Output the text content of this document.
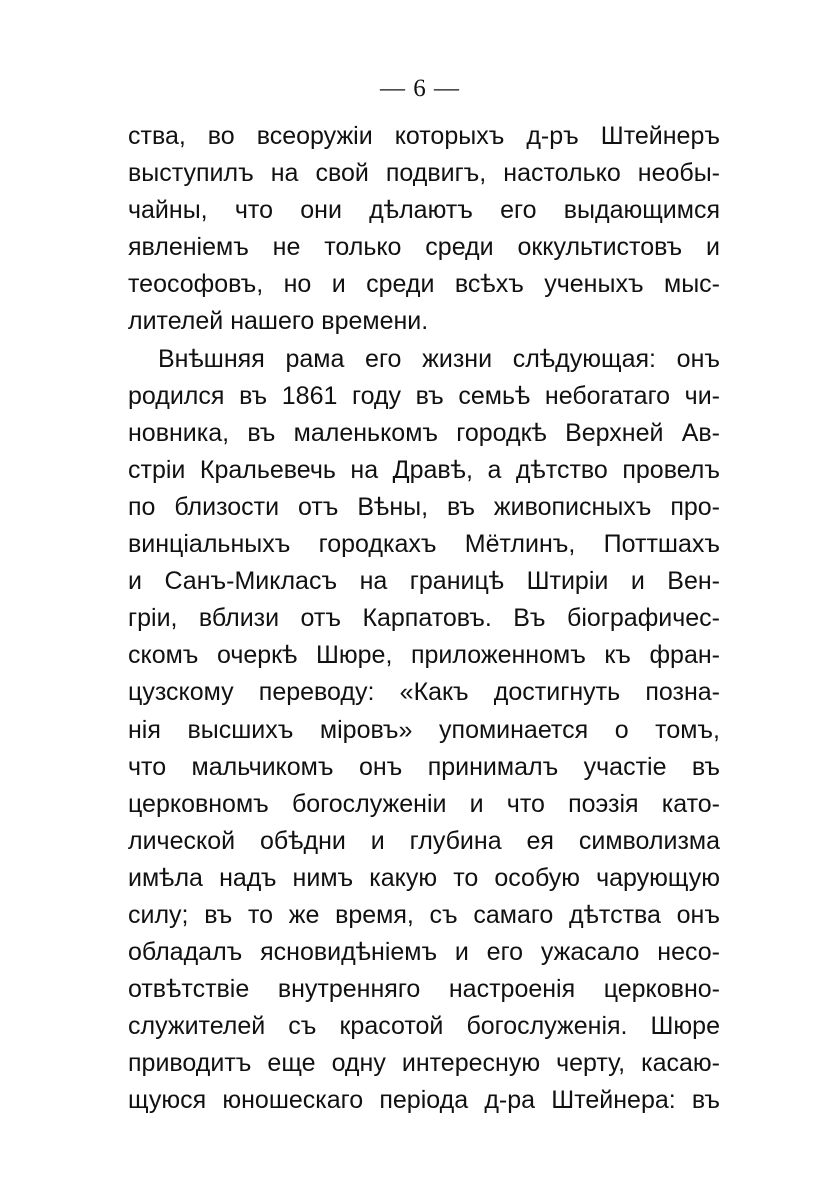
— 6 —
ства, во всеоружіи которыхъ д-ръ Штейнеръ
выступилъ на свой подвигъ, настолько необы-
чайны, что они дѣлаютъ его выдающимся
явленіемъ не только среди оккультистовъ и
теософовъ, но и среди всѣхъ ученыхъ мыс-
лителей нашего времени.
Внѣшняя рама его жизни слѣдующая: онъ
родился въ 1861 году въ семьѣ небогатаго чи-
новника, въ маленькомъ городкѣ Верхней Ав-
стріи Кральевечь на Дравѣ, а дѣтство провелъ
по близости отъ Вѣны, въ живописныхъ про-
винціальныхъ городкахъ Мётлинъ, Поттшахъ
и Санъ-Микласъ на границѣ Штиріи и Вен-
гріи, вблизи отъ Карпатовъ. Въ біографичес-
скомъ очеркѣ Шюре, приложенномъ къ фран-
цузскому переводу: «Какъ достигнуть позна-
нія высшихъ міровъ» упоминается о томъ,
что мальчикомъ онъ принималъ участіе въ
церковномъ богослуженіи и что поэзія като-
лической обѣдни и глубина ея символизма
имѣла надъ нимъ какую то особую чарующую
силу; въ то же время, съ самаго дѣтства онъ
обладалъ ясновидѣніемъ и его ужасало несо-
отвѣтствіе внутренняго настроенія церковно-
служителей съ красотой богослуженія. Шюре
приводитъ еще одну интересную черту, касаю-
щуюся юношескаго періода д-ра Штейнера: въ
